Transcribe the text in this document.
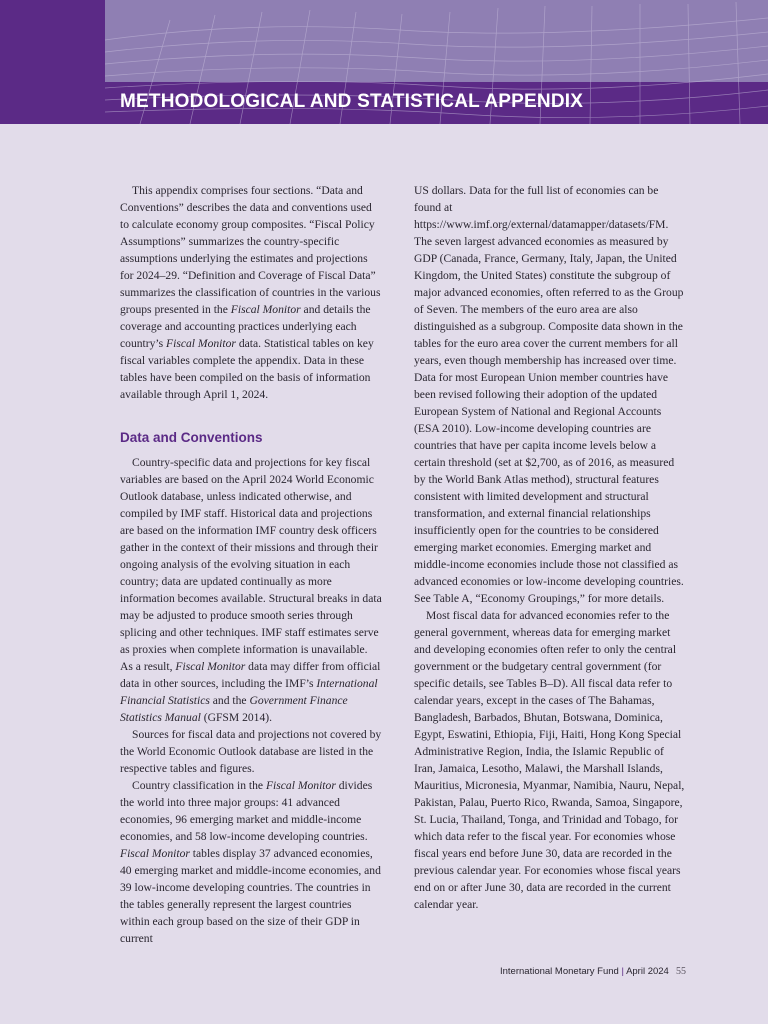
METHODOLOGICAL AND STATISTICAL APPENDIX

This appendix comprises four sections. “Data and Conventions” describes the data and conventions used to calculate economy group composites. “Fiscal Policy Assumptions” summarizes the country-specific assumptions underlying the estimates and projections for 2024–29. “Definition and Coverage of Fiscal Data” summarizes the classification of countries in the various groups presented in the Fiscal Monitor and details the coverage and accounting practices underlying each country’s Fiscal Monitor data. Statistical tables on key fiscal variables complete the appendix. Data in these tables have been compiled on the basis of information available through April 1, 2024.

Data and Conventions

Country-specific data and projections for key fiscal variables are based on the April 2024 World Economic Outlook database, unless indicated otherwise, and compiled by IMF staff. Historical data and projections are based on the information IMF country desk officers gather in the context of their missions and through their ongoing analysis of the evolving situation in each country; data are updated continually as more information becomes available. Structural breaks in data may be adjusted to produce smooth series through splicing and other techniques. IMF staff estimates serve as proxies when complete information is unavailable. As a result, Fiscal Monitor data may differ from official data in other sources, including the IMF’s International Financial Statistics and the Government Finance Statistics Manual (GFSM 2014).

Sources for fiscal data and projections not covered by the World Economic Outlook database are listed in the respective tables and figures.

Country classification in the Fiscal Monitor divides the world into three major groups: 41 advanced economies, 96 emerging market and middle-income economies, and 58 low-income developing countries. Fiscal Monitor tables display 37 advanced economies, 40 emerging market and middle-income economies, and 39 low-income developing countries. The countries in the tables generally represent the largest countries within each group based on the size of their GDP in current

US dollars. Data for the full list of economies can be found at https://www.imf.org/external/datamapper/datasets/FM. The seven largest advanced economies as measured by GDP (Canada, France, Germany, Italy, Japan, the United Kingdom, the United States) constitute the subgroup of major advanced economies, often referred to as the Group of Seven. The members of the euro area are also distinguished as a subgroup. Composite data shown in the tables for the euro area cover the current members for all years, even though membership has increased over time. Data for most European Union member countries have been revised following their adoption of the updated European System of National and Regional Accounts (ESA 2010). Low-income developing countries are countries that have per capita income levels below a certain threshold (set at $2,700, as of 2016, as measured by the World Bank Atlas method), structural features consistent with limited development and structural transformation, and external financial relationships insufficiently open for the countries to be considered emerging market economies. Emerging market and middle-income economies include those not classified as advanced economies or low-income developing countries. See Table A, “Economy Groupings,” for more details.

Most fiscal data for advanced economies refer to the general government, whereas data for emerging market and developing economies often refer to only the central government or the budgetary central government (for specific details, see Tables B–D). All fiscal data refer to calendar years, except in the cases of The Bahamas, Bangladesh, Barbados, Bhutan, Botswana, Dominica, Egypt, Eswatini, Ethiopia, Fiji, Haiti, Hong Kong Special Administrative Region, India, the Islamic Republic of Iran, Jamaica, Lesotho, Malawi, the Marshall Islands, Mauritius, Micronesia, Myanmar, Namibia, Nauru, Nepal, Pakistan, Palau, Puerto Rico, Rwanda, Samoa, Singapore, St. Lucia, Thailand, Tonga, and Trinidad and Tobago, for which data refer to the fiscal year. For economies whose fiscal years end before June 30, data are recorded in the previous calendar year. For economies whose fiscal years end on or after June 30, data are recorded in the current calendar year.

International Monetary Fund | April 2024 55
